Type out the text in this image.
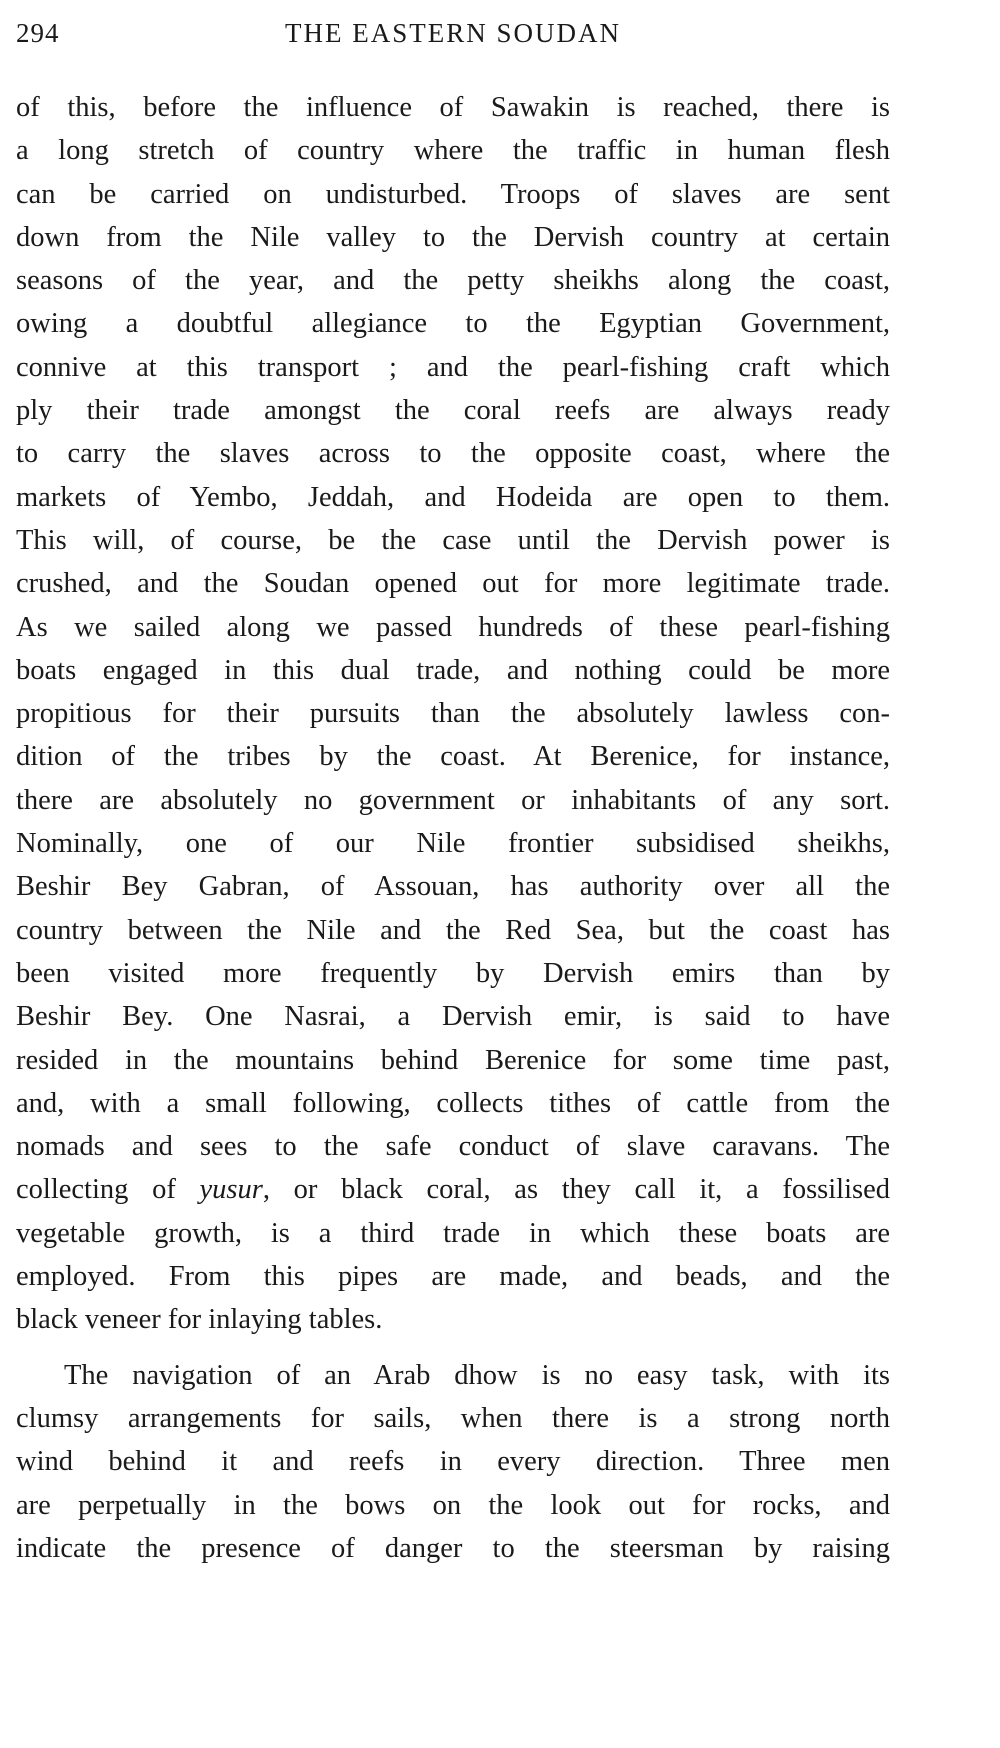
294	THE EASTERN SOUDAN
of this, before the influence of Sawakin is reached, there is
a long stretch of country where the traffic in human flesh
can be carried on undisturbed. Troops of slaves are sent
down from the Nile valley to the Dervish country at certain
seasons of the year, and the petty sheikhs along the coast,
owing a doubtful allegiance to the Egyptian Government,
connive at this transport ; and the pearl-fishing craft which
ply their trade amongst the coral reefs are always ready
to carry the slaves across to the opposite coast, where the
markets of Yembo, Jeddah, and Hodeida are open to them.
This will, of course, be the case until the Dervish power is
crushed, and the Soudan opened out for more legitimate trade.
As we sailed along we passed hundreds of these pearl-fishing
boats engaged in this dual trade, and nothing could be more
propitious for their pursuits than the absolutely lawless con-
dition of the tribes by the coast. At Berenice, for instance,
there are absolutely no government or inhabitants of any sort.
Nominally, one of our Nile frontier subsidised sheikhs,
Beshir Bey Gabran, of Assouan, has authority over all the
country between the Nile and the Red Sea, but the coast has
been visited more frequently by Dervish emirs than by
Beshir Bey. One Nasrai, a Dervish emir, is said to have
resided in the mountains behind Berenice for some time past,
and, with a small following, collects tithes of cattle from the
nomads and sees to the safe conduct of slave caravans. The
collecting of yusur, or black coral, as they call it, a fossilised
vegetable growth, is a third trade in which these boats are
employed. From this pipes are made, and beads, and the
black veneer for inlaying tables.
The navigation of an Arab dhow is no easy task, with its
clumsy arrangements for sails, when there is a strong north
wind behind it and reefs in every direction. Three men
are perpetually in the bows on the look out for rocks, and
indicate the presence of danger to the steersman by raising
